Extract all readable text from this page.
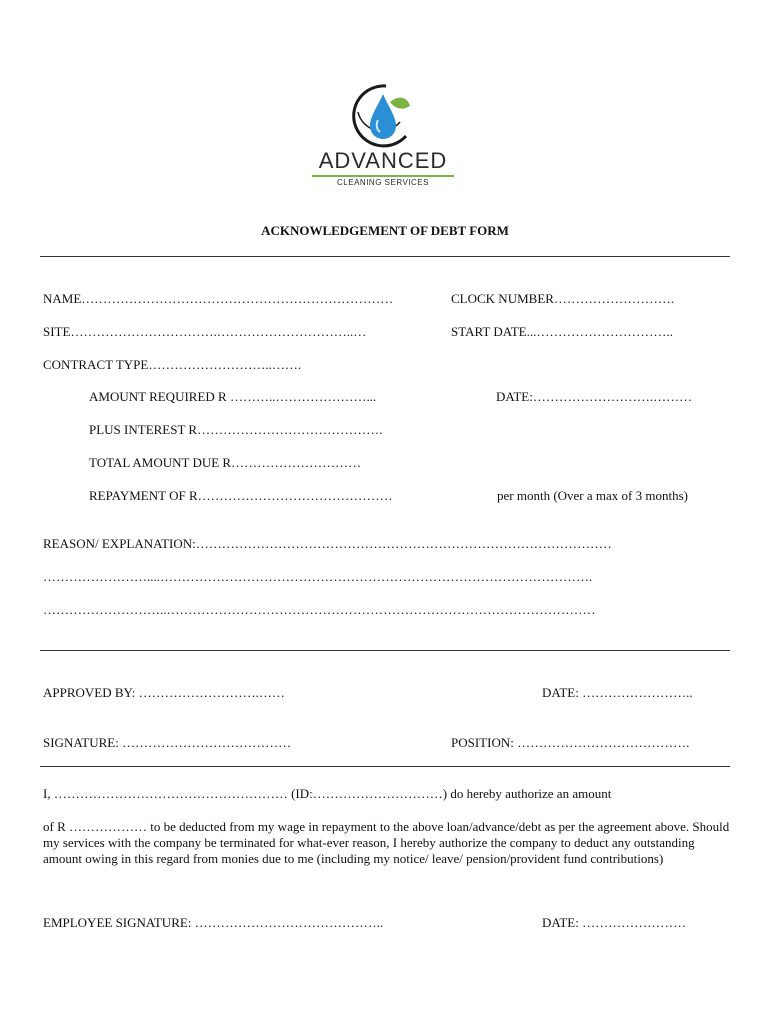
ADVANCED
CLEANING SERVICES
ACKNOWLEDGEMENT OF DEBT FORM
NAME………………………………………………………………	CLOCK NUMBER……………………….
SITE…………………………….…………………………..…	START DATE...…………………………..
CONTRACT TYPE………………………..…….
AMOUNT REQUIRED R ………..…………………...	DATE:……………………….………
PLUS INTEREST R…………………………………….
TOTAL AMOUNT DUE R…………………………
REPAYMENT OF R………………………………………	per month (Over a max of 3 months)
REASON/ EXPLANATION:……………………………………………………………………………………
……………………....……………………………………………………………………………………….
………………………..………………………………………………………………………………………
APPROVED BY: ……………………….……	DATE: ……………………..
SIGNATURE: …………………………………	POSITION: ………………………………….
I, ……………………………………………… (ID:…………………………) do hereby authorize an amount
of R ……………… to be deducted from my wage in repayment to the above loan/advance/debt as per the agreement above. Should my services with the company be terminated for what-ever reason, I hereby authorize the company to deduct any outstanding amount owing in this regard from monies due to me (including my notice/ leave/ pension/provident fund contributions)
EMPLOYEE SIGNATURE: ……………………………………..	DATE: ……………………
